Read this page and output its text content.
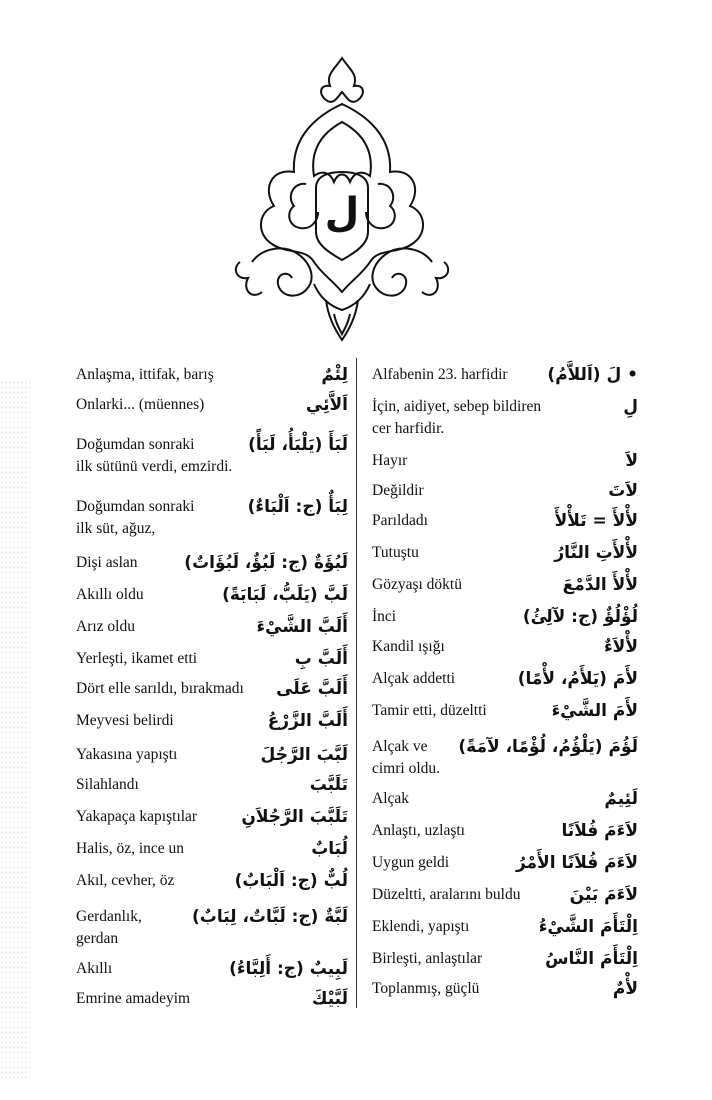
ل
Anlaşma, ittifak, barış	لِئْمٌ
Onlarki... (müennes)	اَلاَّئِي
Doğumdan sonraki	لَبَأَ (يَلْبَأُ، لَبَأً)
ilk sütünü verdi, emzirdi.
Doğumdan sonraki	لِبَأٌ (ج: اَلْبَاءٌ)
ilk süt, ağuz,
Dişi aslan	لَبُؤَةٌ (ج: لَبُؤٌ، لَبُؤَاتٌ)
Akıllı oldu	لَبَّ (يَلَبُّ، لَبَابَةً)
Arız oldu	أَلَبَّ الشَّيْءَ
Yerleşti, ikamet etti	أَلَبَّ بِ
Dört elle sarıldı, bırakmadı أَلَبَّ عَلَى
Meyvesi belirdi	أَلَبَّ الزَّرْعُ
Yakasına yapıştı	لَبَّبَ الرَّجُلَ
Silahlandı	تَلَبَّبَ
Yakapaça kapıştılar	تَلَبَّبَ الرَّجُلاَنِ
Halis, öz, ince un	لُبَابٌ
Akıl, cevher, öz	لُبٌّ (ج: اَلْبَابٌ)
Gerdanlık,	لَبَّةٌ (ج: لَبَّاتٌ، لِبَابٌ)
gerdan
Akıllı	لَبِيبٌ (ج: أَلِبَّاءُ)
Emrine amadeyim	لَبَّيْكَ
Alfabenin 23. harfidir • لَ (اَللاَّمُ)
İçin, aidiyet, sebep bildiren	لِ
cer harfidir.
Hayır	لاَ
Değildir	لاَتَ
Parıldadı	لأْلأَ = تَلأْلأَ
Tutuştu	لأْلأَتِ النَّارُ
Gözyaşı döktü	لأْلأَ الدَّمْعَ
İnci	لُؤْلُؤٌ (ج: لآلِئُ)
Kandil ışığı	لأْلاَءٌ
Alçak addetti	لأَمَ (يَلأَمُ، لأْمًا)
Tamir etti, düzeltti	لأَمَ الشَّيْءَ
Alçak ve لَؤُمَ (يَلْؤُمُ، لُؤْمًا، لآمَةً)
cimri oldu.
Alçak	لَئِيمٌ
Anlaştı, uzlaştı	لاَءَمَ فُلاَنًا
Uygun geldi	لاَءَمَ فُلاَنًا الأَمْرُ
Düzeltti, aralarını buldu	لاَءَمَ بَيْنَ
Eklendi, yapıştı	اِلْتَأَمَ الشَّيْءُ
Birleşti, anlaştılar	اِلْتَأَمَ النَّاسُ
Toplanmış, güçlü	لأْمٌ
